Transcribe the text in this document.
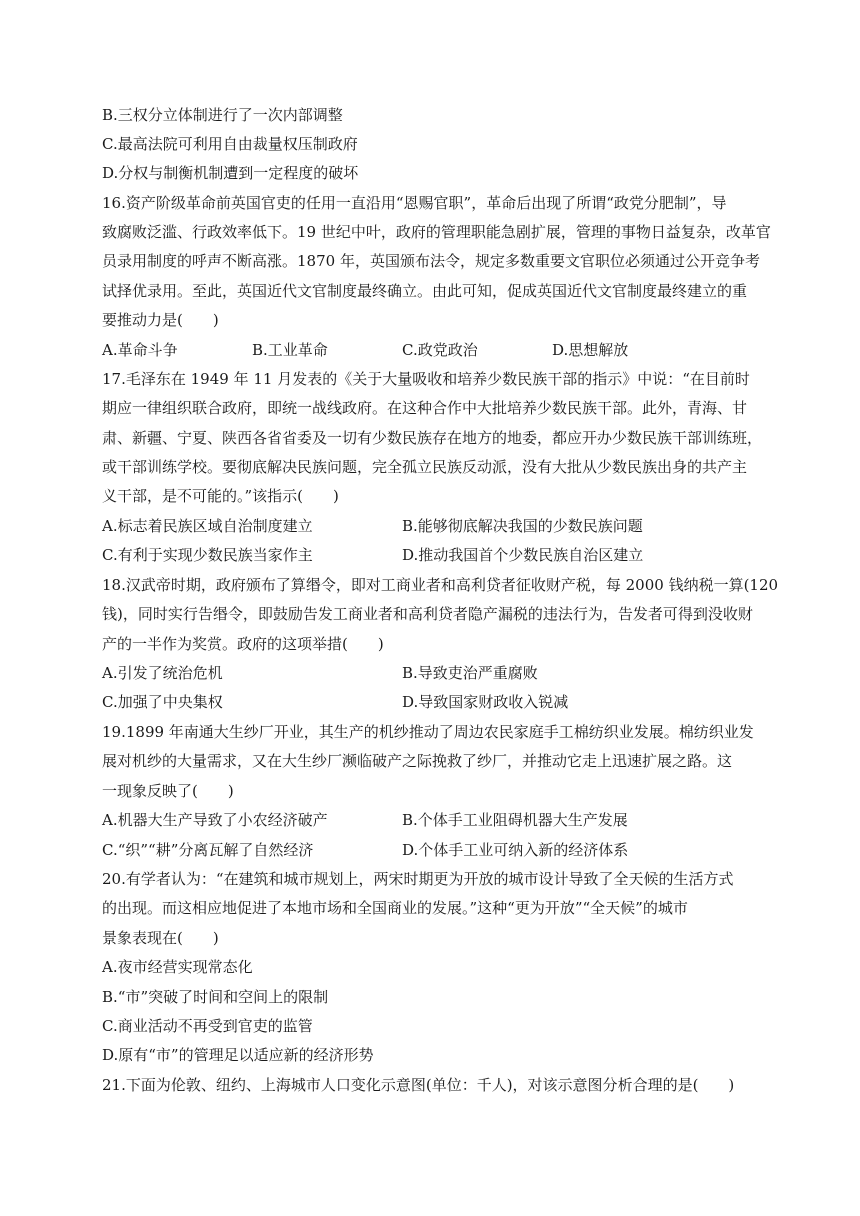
B.三权分立体制进行了一次内部调整
C.最高法院可利用自由裁量权压制政府
D.分权与制衡机制遭到一定程度的破坏
16.资产阶级革命前英国官吏的任用一直沿用“恩赐官职”，革命后出现了所谓“政党分肥制”，导
致腐败泛滥、行政效率低下。19 世纪中叶，政府的管理职能急剧扩展，管理的事物日益复杂，改革官
员录用制度的呼声不断高涨。1870 年，英国颁布法令，规定多数重要文官职位必须通过公开竞争考
试择优录用。至此，英国近代文官制度最终确立。由此可知，促成英国近代文官制度最终建立的重
要推动力是(　　)
A.革命斗争	B.工业革命	C.政党政治	D.思想解放
17.毛泽东在 1949 年 11 月发表的《关于大量吸收和培养少数民族干部的指示》中说：“在目前时
期应一律组织联合政府，即统一战线政府。在这种合作中大批培养少数民族干部。此外，青海、甘
肃、新疆、宁夏、陕西各省省委及一切有少数民族存在地方的地委，都应开办少数民族干部训练班，
或干部训练学校。要彻底解决民族问题，完全孤立民族反动派，没有大批从少数民族出身的共产主
义干部，是不可能的。”该指示(　　)
A.标志着民族区域自治制度建立	B.能够彻底解决我国的少数民族问题
C.有利于实现少数民族当家作主	D.推动我国首个少数民族自治区建立
18.汉武帝时期，政府颁布了算缗令，即对工商业者和高利贷者征收财产税，每 2000 钱纳税一算(120
钱)，同时实行告缗令，即鼓励告发工商业者和高利贷者隐产漏税的违法行为，告发者可得到没收财
产的一半作为奖赏。政府的这项举措(　　)
A.引发了统治危机	B.导致吏治严重腐败
C.加强了中央集权	D.导致国家财政收入锐减
19.1899 年南通大生纱厂开业，其生产的机纱推动了周边农民家庭手工棉纺织业发展。棉纺织业发
展对机纱的大量需求，又在大生纱厂濒临破产之际挽救了纱厂，并推动它走上迅速扩展之路。这
一现象反映了(　　)
A.机器大生产导致了小农经济破产	B.个体手工业阻碍机器大生产发展
C.“织”“耕”分离瓦解了自然经济	D.个体手工业可纳入新的经济体系
20.有学者认为：“在建筑和城市规划上，两宋时期更为开放的城市设计导致了全天候的生活方式
的出现。而这相应地促进了本地市场和全国商业的发展。”这种“更为开放”“全天候”的城市
景象表现在(　　)
A.夜市经营实现常态化
B.“市”突破了时间和空间上的限制
C.商业活动不再受到官吏的监管
D.原有“市”的管理足以适应新的经济形势
21.下面为伦敦、纽约、上海城市人口变化示意图(单位：千人)，对该示意图分析合理的是(　　)
